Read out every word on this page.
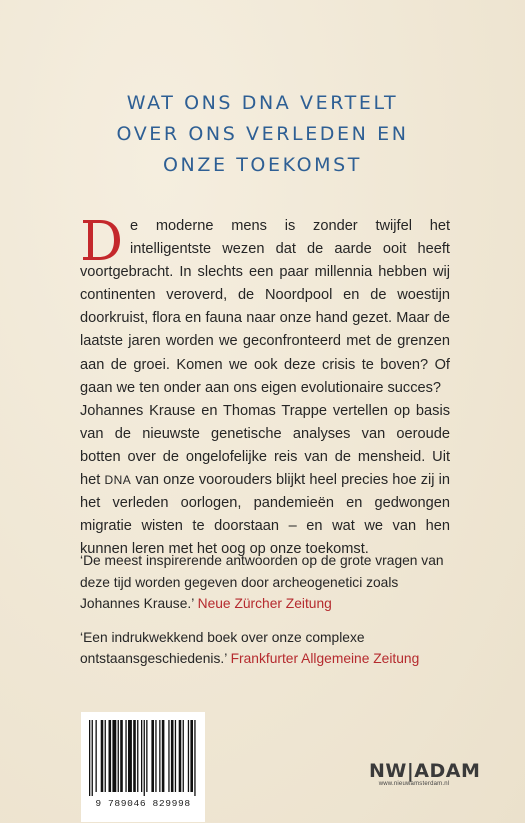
WAT ONS DNA VERTELT
OVER ONS VERLEDEN EN
ONZE TOEKOMST

e moderne mens is zonder twijfel het intelligentste wezen dat de aarde ooit heeft voortgebracht. In slechts een paar millennia hebben wij continenten veroverd, de Noordpool en de woestijn doorkruist, flora en fauna naar onze hand gezet. Maar de laatste jaren worden we geconfronteerd met de grenzen aan de groei. Komen we ook deze crisis te boven? Of gaan we ten onder aan ons eigen evolutionaire succes?

Johannes Krause en Thomas Trappe vertellen op basis van de nieuwste genetische analyses van oeroude botten over de ongelofelijke reis van de mensheid. Uit het DNA van onze voorouders blijkt heel precies hoe zij in het verleden oorlogen, pandemieën en gedwongen migratie wisten te doorstaan – en wat we van hen kunnen leren met het oog op onze toekomst.

‘De meest inspirerende antwoorden op de grote vragen van deze tijd worden gegeven door archeogenetici zoals Johannes Krause.’ Neue Zürcher Zeitung

‘Een indrukwekkend boek over onze complexe ontstaansgeschiedenis.’ Frankfurter Allgemeine Zeitung

9 789046 829998
NW|ADAM
www.nieuwamsterdam.nl
